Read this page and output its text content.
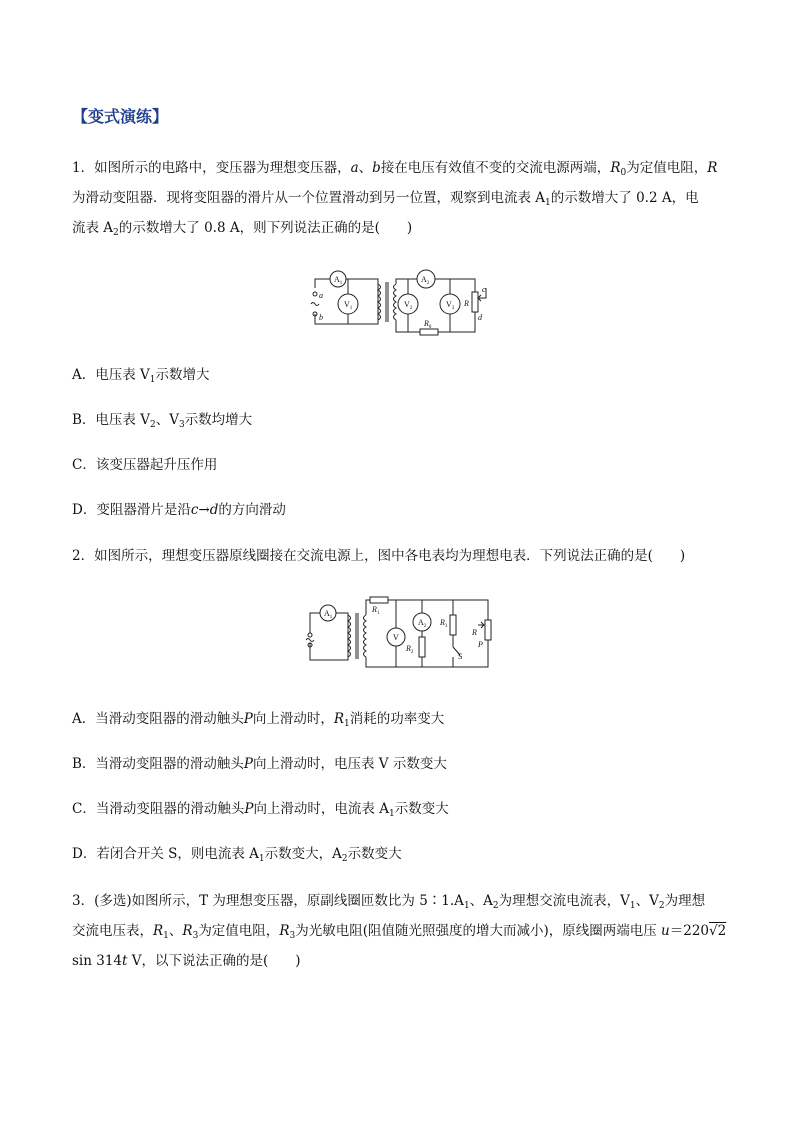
【变式演练】
1．如图所示的电路中，变压器为理想变压器，a、b接在电压有效值不变的交流电源两端，$R_0$为定值电阻，R
为滑动变阻器．现将变阻器的滑片从一个位置滑动到另一位置，观察到电流表 $A_1$的示数增大了 0.2 A，电
流表 $A_2$的示数增大了 0.8 A，则下列说法正确的是(　　)
$A_1$
$V_1$
$A_2$
$V_2$	$V_3$
a
b
R
c
d
$R_0$
A．电压表 $V_1$示数增大
B．电压表 $V_2$、$V_3$示数均增大
C．该变压器起升压作用
D．变阻器滑片是沿c→d的方向滑动
2．如图所示，理想变压器原线圈接在交流电源上，图中各电表均为理想电表．下列说法正确的是(　　)
$A_1$
$R_1$
V
$A_2$
$R_2$
$R_3$
S
R
P
A．当滑动变阻器的滑动触头P向上滑动时，$R_1$消耗的功率变大
B．当滑动变阻器的滑动触头P向上滑动时，电压表 V 示数变大
C．当滑动变阻器的滑动触头P向上滑动时，电流表 $A_1$示数变大
D．若闭合开关 S，则电流表 $A_1$示数变大，$A_2$示数变大
3．(多选)如图所示，T 为理想变压器，原副线圈匝数比为 $5∶1.A_1$、$A_2$为理想交流电流表，$V_1$、$V_2$为理想
交流电压表，$R_1$、$R_3$为定值电阻，$R_3$为光敏电阻(阻值随光照强度的增大而减小)，原线圈两端电压 u＝220√2
sin 314t V，以下说法正确的是(　　)
